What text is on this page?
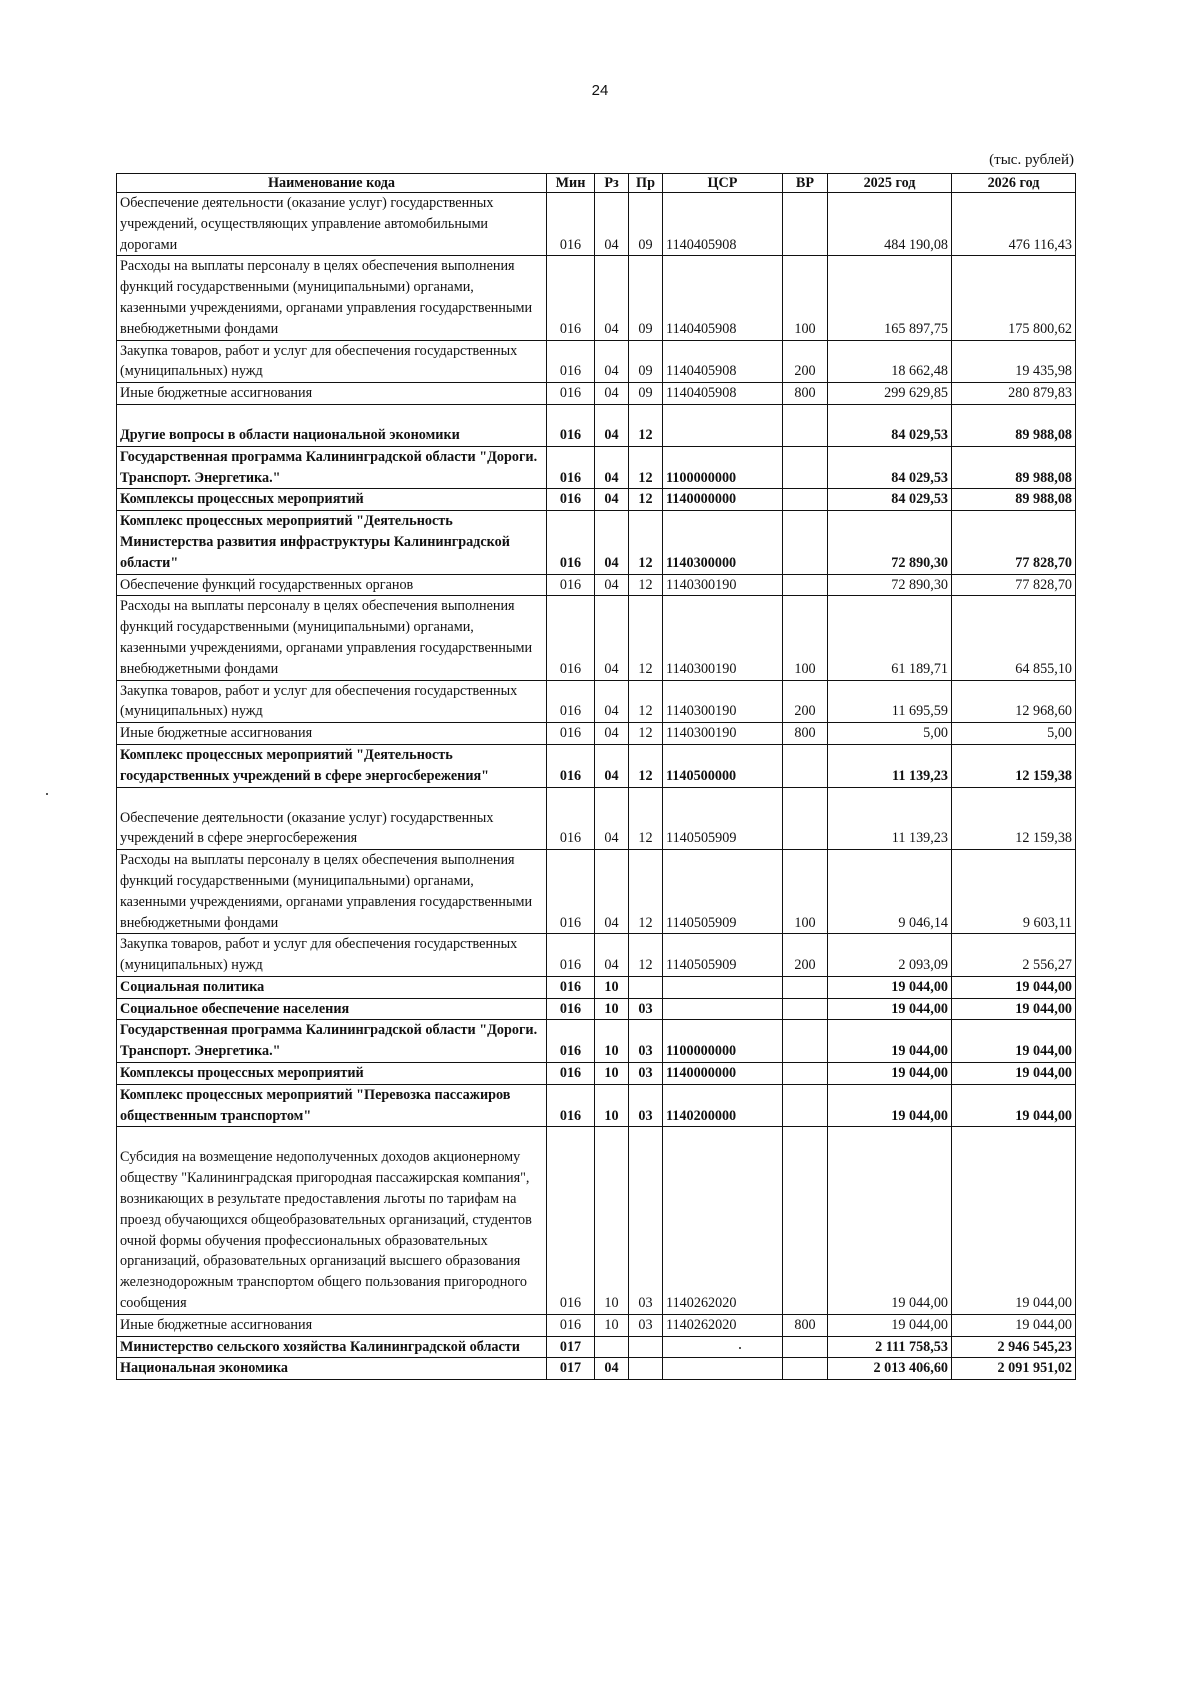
24
(тыс. рублей)
Наименование кода	Мин	Рз	Пр	ЦСР	ВР	2025 год	2026 год
Обеспечение деятельности (оказание услуг) государственных учреждений, осуществляющих управление автомобильными дорогами	016	04	09	1140405908		484 190,08	476 116,43
Расходы на выплаты персоналу в целях обеспечения выполнения функций государственными (муниципальными) органами, казенными учреждениями, органами управления государственными внебюджетными фондами	016	04	09	1140405908	100	165 897,75	175 800,62
Закупка товаров, работ и услуг для обеспечения государственных (муниципальных) нужд	016	04	09	1140405908	200	18 662,48	19 435,98
Иные бюджетные ассигнования	016	04	09	1140405908	800	299 629,85	280 879,83
Другие вопросы в области национальной экономики	016	04	12			84 029,53	89 988,08
Государственная программа Калининградской области "Дороги. Транспорт. Энергетика."	016	04	12	1100000000		84 029,53	89 988,08
Комплексы процессных мероприятий	016	04	12	1140000000		84 029,53	89 988,08
Комплекс процессных мероприятий "Деятельность Министерства развития инфраструктуры Калининградской области"	016	04	12	1140300000		72 890,30	77 828,70
Обеспечение функций государственных органов	016	04	12	1140300190		72 890,30	77 828,70
Расходы на выплаты персоналу в целях обеспечения выполнения функций государственными (муниципальными) органами, казенными учреждениями, органами управления государственными внебюджетными фондами	016	04	12	1140300190	100	61 189,71	64 855,10
Закупка товаров, работ и услуг для обеспечения государственных (муниципальных) нужд	016	04	12	1140300190	200	11 695,59	12 968,60
Иные бюджетные ассигнования	016	04	12	1140300190	800	5,00	5,00
Комплекс процессных мероприятий "Деятельность государственных учреждений в сфере энергосбережения"	016	04	12	1140500000		11 139,23	12 159,38
Обеспечение деятельности (оказание услуг) государственных учреждений в сфере энергосбережения	016	04	12	1140505909		11 139,23	12 159,38
Расходы на выплаты персоналу в целях обеспечения выполнения функций государственными (муниципальными) органами, казенными учреждениями, органами управления государственными внебюджетными фондами	016	04	12	1140505909	100	9 046,14	9 603,11
Закупка товаров, работ и услуг для обеспечения государственных (муниципальных) нужд	016	04	12	1140505909	200	2 093,09	2 556,27
Социальная политика	016	10				19 044,00	19 044,00
Социальное обеспечение населения	016	10	03			19 044,00	19 044,00
Государственная программа Калининградской области "Дороги. Транспорт. Энергетика."	016	10	03	1100000000		19 044,00	19 044,00
Комплексы процессных мероприятий	016	10	03	1140000000		19 044,00	19 044,00
Комплекс процессных мероприятий "Перевозка пассажиров общественным транспортом"	016	10	03	1140200000		19 044,00	19 044,00
Субсидия на возмещение недополученных доходов акционерному обществу "Калининградская пригородная пассажирская компания", возникающих в результате предоставления льготы по тарифам на проезд обучающихся общеобразовательных организаций, студентов очной формы обучения профессиональных образовательных организаций, образовательных организаций высшего образования железнодорожным транспортом общего пользования пригородного сообщения	016	10	03	1140262020		19 044,00	19 044,00
Иные бюджетные ассигнования	016	10	03	1140262020	800	19 044,00	19 044,00
Министерство сельского хозяйства Калининградской области	017					2 111 758,53	2 946 545,23
Национальная экономика	017	04				2 013 406,60	2 091 951,02
